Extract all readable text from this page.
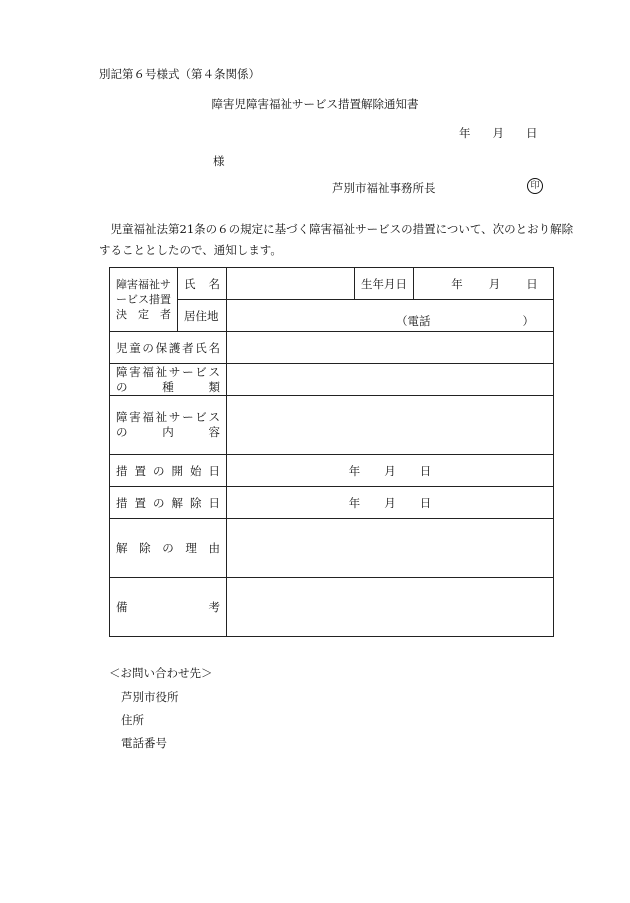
別記第６号様式（第４条関係）
障害児障害福祉サービス措置解除通知書
年 月 日
様
芦別市福祉事務所長	印
児童福祉法第21条の６の規定に基づく障害福祉サービスの措置について、次のとおり解除することとしたので、通知します。
障害福祉サービス措置決定者	氏　名		生年月日	年 月 日
	居住地	（電話 ）		
児童の保護者氏名				

障害福祉サービス
の 種 類				

障害福祉サービス
の 内 容				

措置の開始日		年 月 日		
措置の解除日		年 月 日		
解除の理由				

備 考				

＜お問い合わせ先＞
芦別市役所
住所
電話番号
